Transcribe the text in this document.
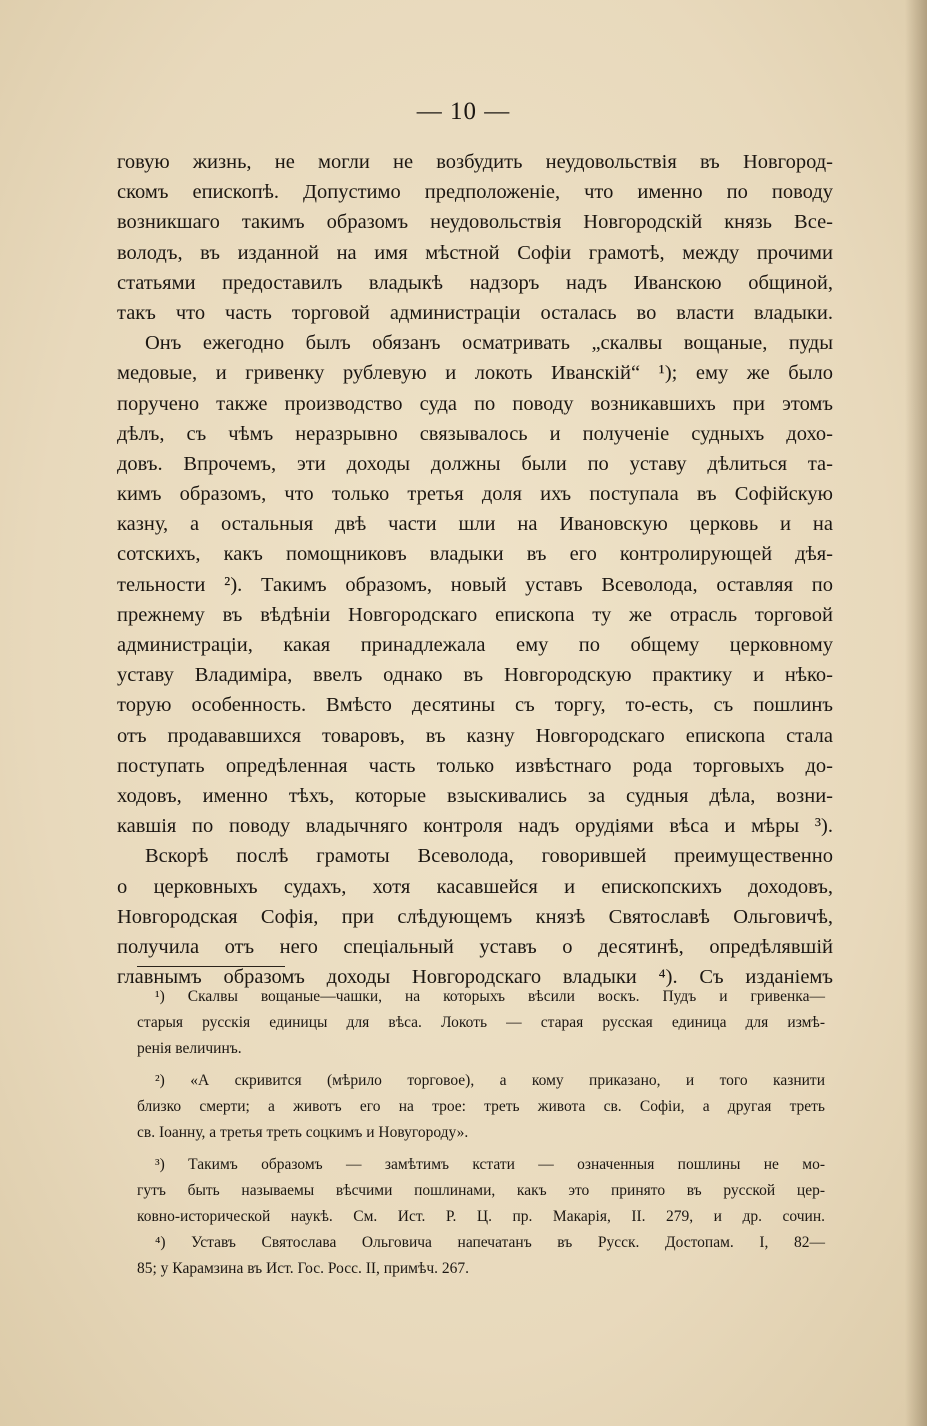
— 10 —
говую жизнь, не могли не возбудить неудовольствія въ Новгород-
скомъ епископѣ. Допустимо предположеніе, что именно по поводу
возникшаго такимъ образомъ неудовольствія Новгородскій князь Все-
володъ, въ изданной на имя мѣстной Софіи грамотѣ, между прочими
статьями предоставилъ владыкѣ надзоръ надъ Иванскою общиной,
такъ что часть торговой администраціи осталась во власти владыки.
Онъ ежегодно былъ обязанъ осматривать „скалвы вощаные, пуды
медовые, и гривенку рублевую и локоть Иванскій“ ¹); ему же было
поручено также производство суда по поводу возникавшихъ при этомъ
дѣлъ, съ чѣмъ неразрывно связывалось и полученіе судныхъ дохо-
довъ. Впрочемъ, эти доходы должны были по уставу дѣлиться та-
кимъ образомъ, что только третья доля ихъ поступала въ Софійскую
казну, а остальныя двѣ части шли на Ивановскую церковь и на
сотскихъ, какъ помощниковъ владыки въ его контролирующей дѣя-
тельности ²). Такимъ образомъ, новый уставъ Всеволода, оставляя по
прежнему въ вѣдѣніи Новгородскаго епископа ту же отрасль торговой
администраціи, какая принадлежала ему по общему церковному
уставу Владиміра, ввелъ однако въ Новгородскую практику и нѣко-
торую особенность. Вмѣсто десятины съ торгу, то-есть, съ пошлинъ
отъ продававшихся товаровъ, въ казну Новгородскаго епископа стала
поступать опредѣленная часть только извѣстнаго рода торговыхъ до-
ходовъ, именно тѣхъ, которые взыскивались за судныя дѣла, возни-
кавшія по поводу владычняго контроля надъ орудіями вѣса и мѣры ³).
Вскорѣ послѣ грамоты Всеволода, говорившей преимущественно
о церковныхъ судахъ, хотя касавшейся и епископскихъ доходовъ,
Новгородская Софія, при слѣдующемъ князѣ Святославѣ Ольговичѣ,
получила отъ него спеціальный уставъ о десятинѣ, опредѣлявшій
главнымъ образомъ доходы Новгородскаго владыки ⁴). Съ изданіемъ
¹) Скалвы вощаные—чашки, на которыхъ вѣсили воскъ. Пудъ и гривенка—
старыя русскія единицы для вѣса. Локоть — старая русская единица для измѣ-
ренія величинъ.
²) «А скривится (мѣрило торговое), а кому приказано, и того казнити
близко смерти; а животъ его на трое: треть живота св. Софіи, а другая треть
св. Іоанну, а третья треть соцкимъ и Новугороду».
³) Такимъ образомъ — замѣтимъ кстати — означенныя пошлины не мо-
гутъ быть называемы вѣсчими пошлинами, какъ это принято въ русской цер-
ковно-исторической наукѣ. См. Ист. Р. Ц. пр. Макарія, II. 279, и др. сочин.
⁴) Уставъ Святослава Ольговича напечатанъ въ Русск. Достопам. I, 82—
85; у Карамзина въ Ист. Гос. Росс. II, примѣч. 267.
